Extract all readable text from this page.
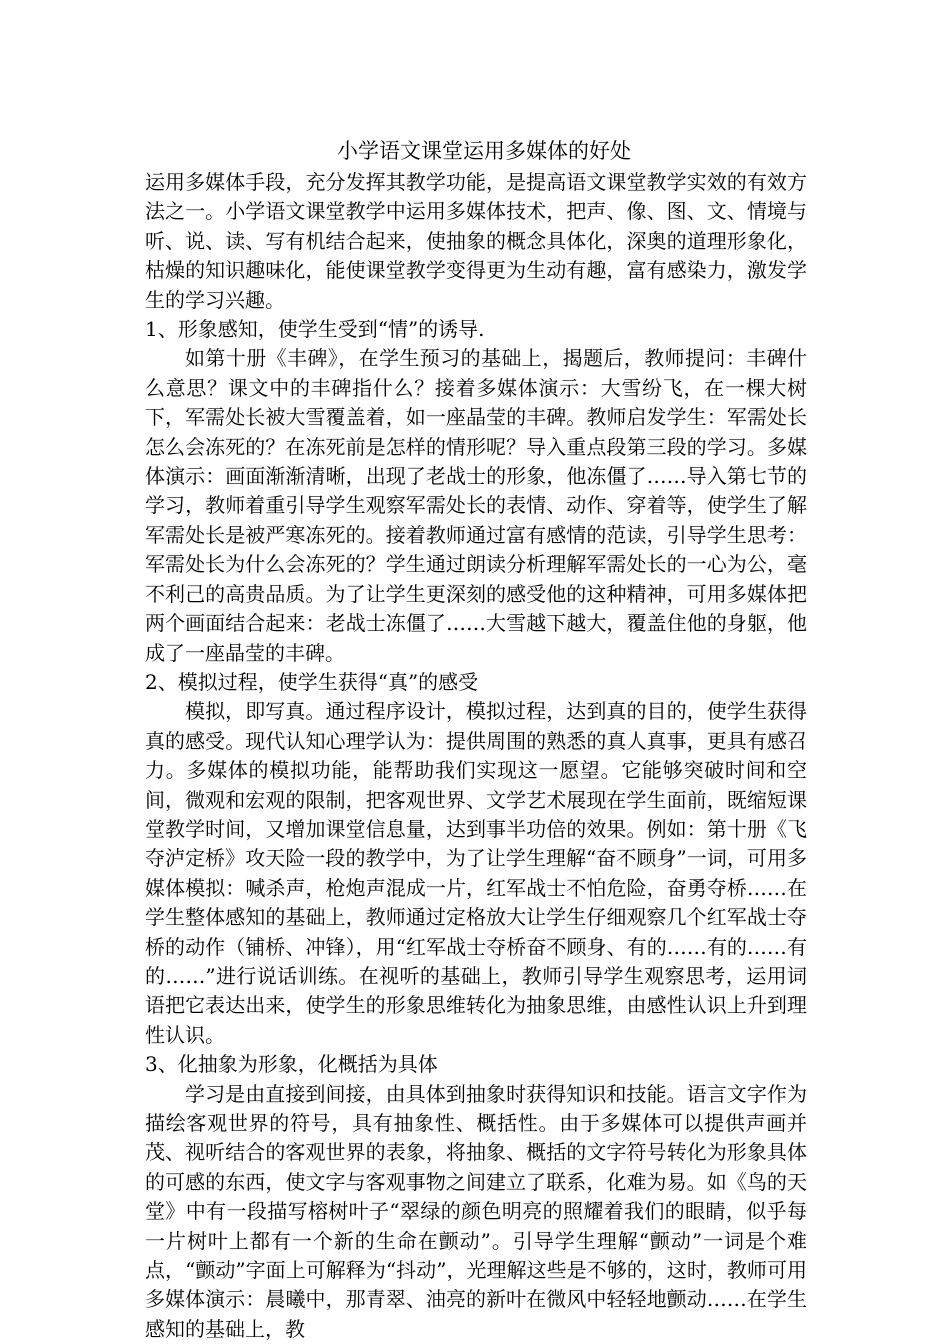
小学语文课堂运用多媒体的好处

运用多媒体手段，充分发挥其教学功能，是提高语文课堂教学实效的有效方法之一。小学语文课堂教学中运用多媒体技术，把声、像、图、文、情境与听、说、读、写有机结合起来，使抽象的概念具体化，深奥的道理形象化，枯燥的知识趣味化，能使课堂教学变得更为生动有趣，富有感染力，激发学生的学习兴趣。

1、形象感知，使学生受到“情”的诱导.

如第十册《丰碑》，在学生预习的基础上，揭题后，教师提问：丰碑什么意思？课文中的丰碑指什么？接着多媒体演示：大雪纷飞，在一棵大树下，军需处长被大雪覆盖着，如一座晶莹的丰碑。教师启发学生：军需处长怎么会冻死的？在冻死前是怎样的情形呢？导入重点段第三段的学习。多媒体演示：画面渐渐清晰，出现了老战士的形象，他冻僵了……导入第七节的学习，教师着重引导学生观察军需处长的表情、动作、穿着等，使学生了解军需处长是被严寒冻死的。接着教师通过富有感情的范读，引导学生思考：军需处长为什么会冻死的？学生通过朗读分析理解军需处长的一心为公，毫不利己的高贵品质。为了让学生更深刻的感受他的这种精神，可用多媒体把两个画面结合起来：老战士冻僵了……大雪越下越大，覆盖住他的身躯，他成了一座晶莹的丰碑。

2、模拟过程，使学生获得“真”的感受

模拟，即写真。通过程序设计，模拟过程，达到真的目的，使学生获得真的感受。现代认知心理学认为：提供周围的熟悉的真人真事，更具有感召力。多媒体的模拟功能，能帮助我们实现这一愿望。它能够突破时间和空间，微观和宏观的限制，把客观世界、文学艺术展现在学生面前，既缩短课堂教学时间，又增加课堂信息量，达到事半功倍的效果。例如：第十册《飞夺泸定桥》攻天险一段的教学中，为了让学生理解“奋不顾身”一词，可用多媒体模拟：喊杀声，枪炮声混成一片，红军战士不怕危险，奋勇夺桥……在学生整体感知的基础上，教师通过定格放大让学生仔细观察几个红军战士夺桥的动作（铺桥、冲锋），用“红军战士夺桥奋不顾身、有的……有的……有的……”进行说话训练。在视听的基础上，教师引导学生观察思考，运用词语把它表达出来，使学生的形象思维转化为抽象思维，由感性认识上升到理性认识。

3、化抽象为形象，化概括为具体

学习是由直接到间接，由具体到抽象时获得知识和技能。语言文字作为描绘客观世界的符号，具有抽象性、概括性。由于多媒体可以提供声画并茂、视听结合的客观世界的表象，将抽象、概括的文字符号转化为形象具体的可感的东西，使文字与客观事物之间建立了联系，化难为易。如《鸟的天堂》中有一段描写榕树叶子“翠绿的颜色明亮的照耀着我们的眼睛，似乎每一片树叶上都有一个新的生命在颤动”。引导学生理解“颤动”一词是个难点，“颤动”字面上可解释为“抖动”，光理解这些是不够的，这时，教师可用多媒体演示：晨曦中，那青翠、油亮的新叶在微风中轻轻地颤动……在学生感知的基础上，教
